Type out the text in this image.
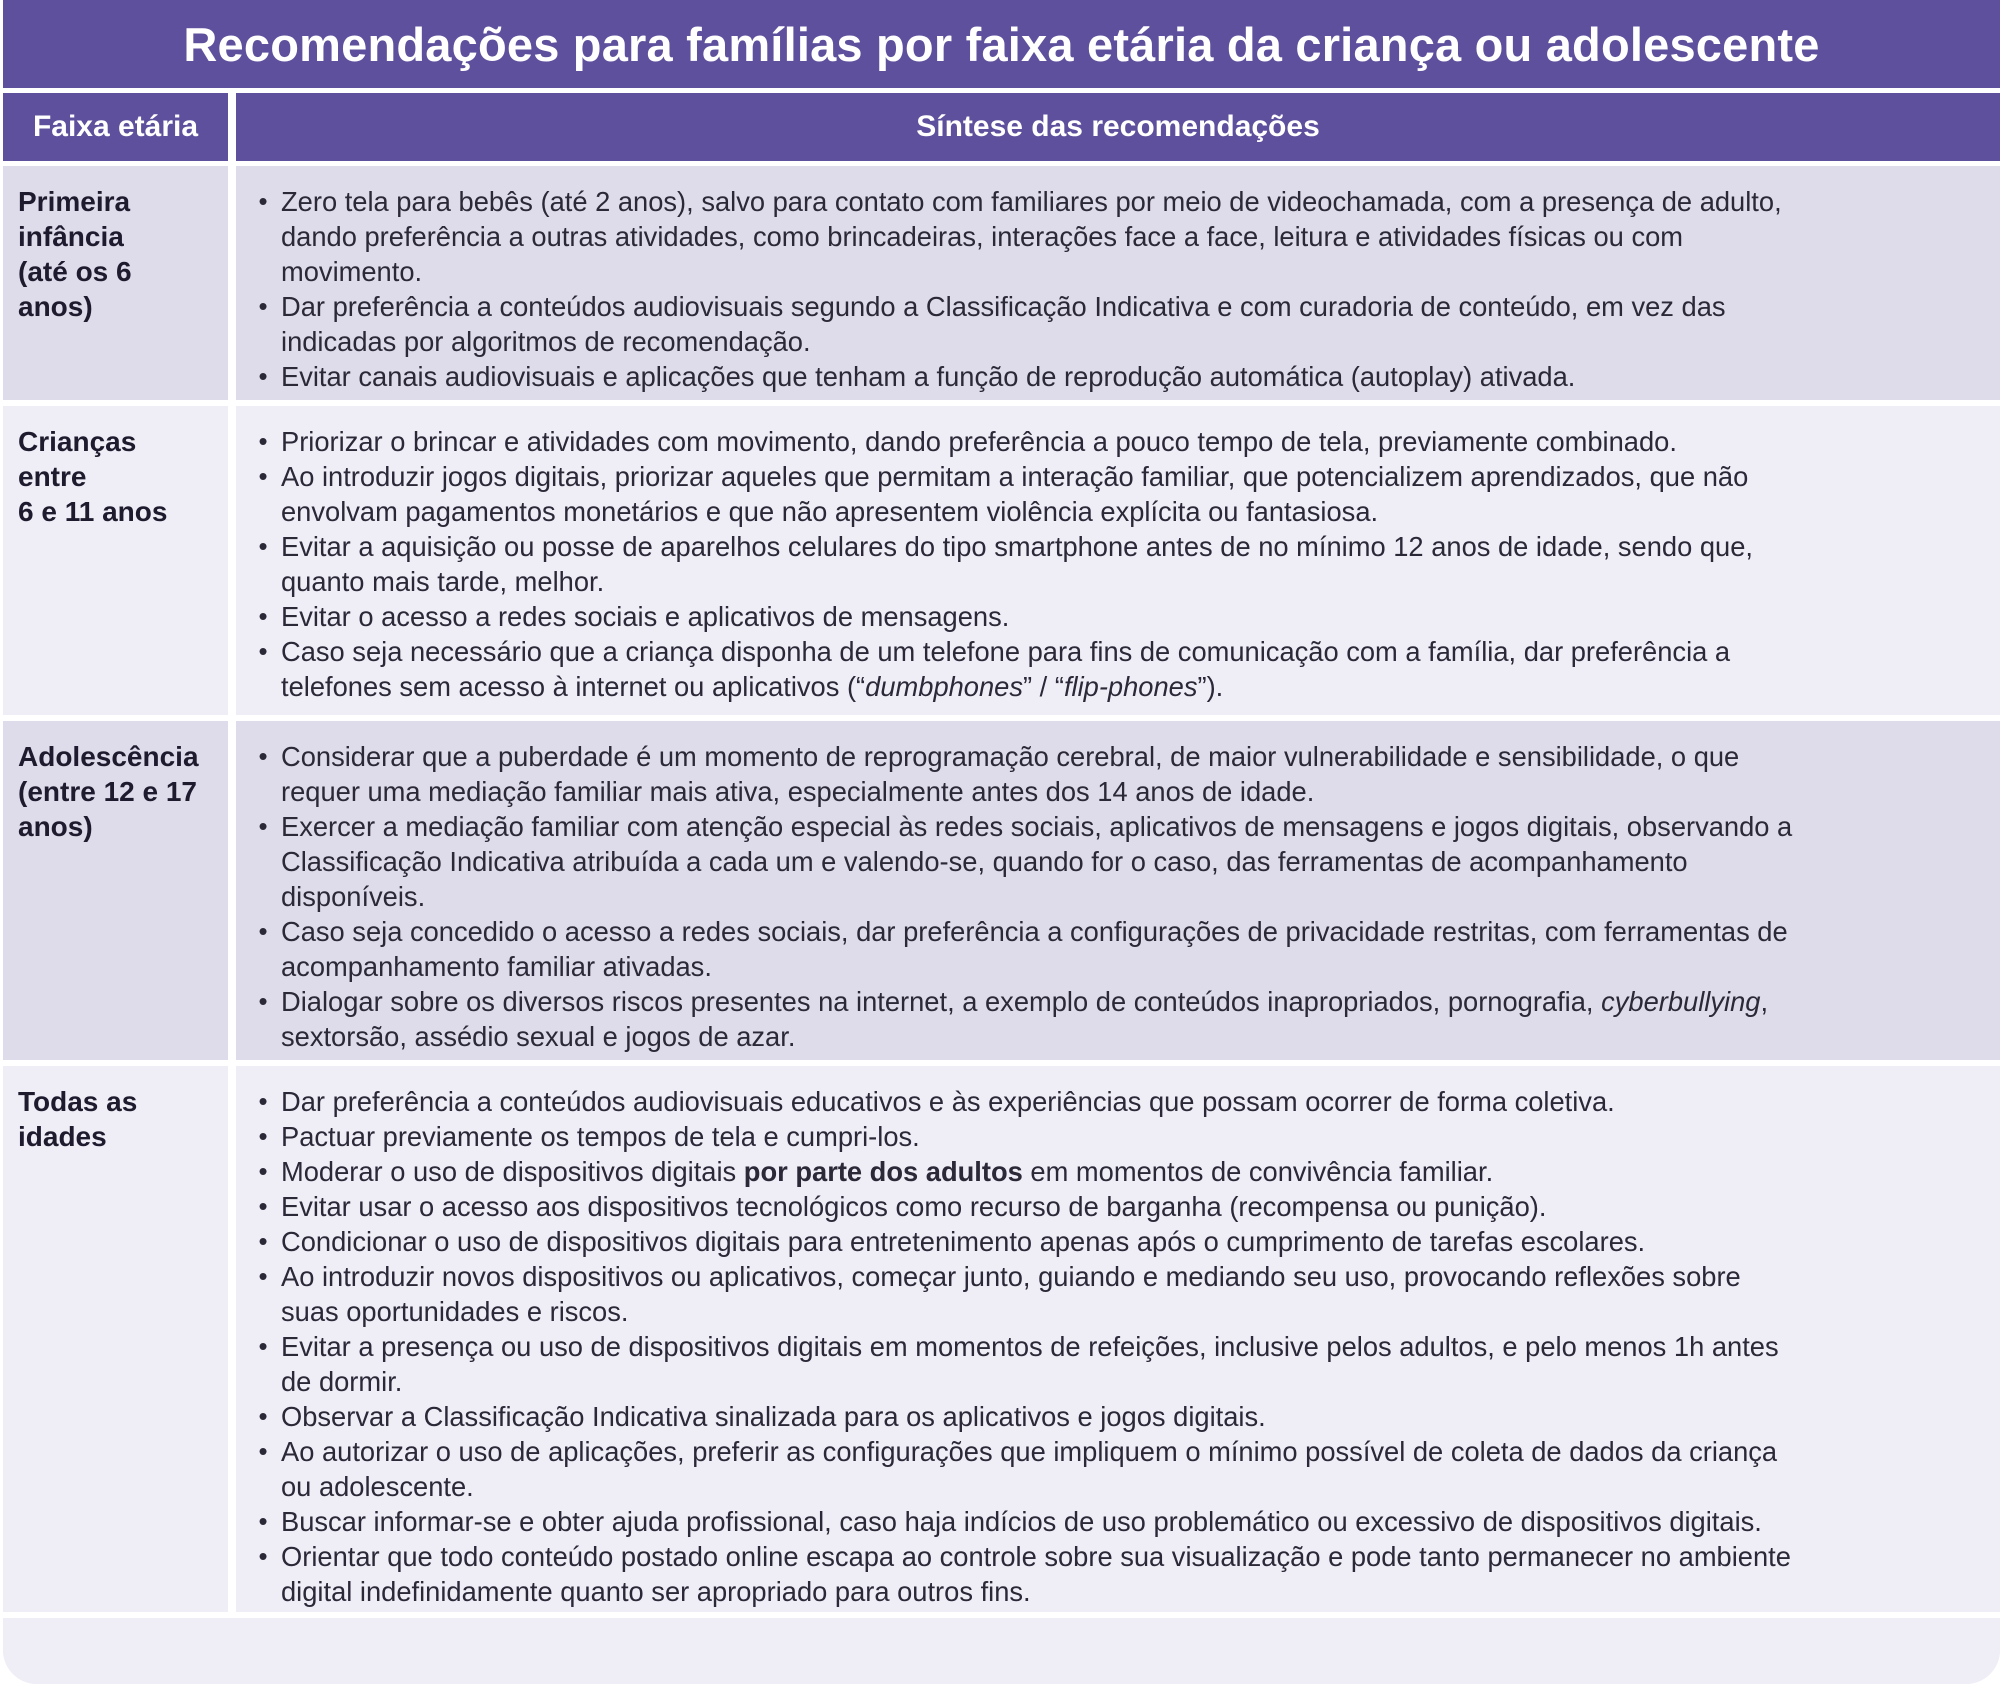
Recomendações para famílias por faixa etária da criança ou adolescente
Faixa etária	Síntese das recomendações
Primeira
infância
(até os 6
anos)
• Zero tela para bebês (até 2 anos), salvo para contato com familiares por meio de videochamada, com a presença de adulto,
dando preferência a outras atividades, como brincadeiras, interações face a face, leitura e atividades físicas ou com
movimento.
• Dar preferência a conteúdos audiovisuais segundo a Classificação Indicativa e com curadoria de conteúdo, em vez das
indicadas por algoritmos de recomendação.
• Evitar canais audiovisuais e aplicações que tenham a função de reprodução automática (autoplay) ativada.
Crianças
entre
6 e 11 anos
• Priorizar o brincar e atividades com movimento, dando preferência a pouco tempo de tela, previamente combinado.
• Ao introduzir jogos digitais, priorizar aqueles que permitam a interação familiar, que potencializem aprendizados, que não
envolvam pagamentos monetários e que não apresentem violência explícita ou fantasiosa.
• Evitar a aquisição ou posse de aparelhos celulares do tipo smartphone antes de no mínimo 12 anos de idade, sendo que,
quanto mais tarde, melhor.
• Evitar o acesso a redes sociais e aplicativos de mensagens.
• Caso seja necessário que a criança disponha de um telefone para fins de comunicação com a família, dar preferência a
telefones sem acesso à internet ou aplicativos (“dumbphones” / “flip-phones”).
Adolescência
(entre 12 e 17
anos)
• Considerar que a puberdade é um momento de reprogramação cerebral, de maior vulnerabilidade e sensibilidade, o que
requer uma mediação familiar mais ativa, especialmente antes dos 14 anos de idade.
• Exercer a mediação familiar com atenção especial às redes sociais, aplicativos de mensagens e jogos digitais, observando a
Classificação Indicativa atribuída a cada um e valendo-se, quando for o caso, das ferramentas de acompanhamento
disponíveis.
• Caso seja concedido o acesso a redes sociais, dar preferência a configurações de privacidade restritas, com ferramentas de
acompanhamento familiar ativadas.
• Dialogar sobre os diversos riscos presentes na internet, a exemplo de conteúdos inapropriados, pornografia, cyberbullying,
sextorsão, assédio sexual e jogos de azar.
Todas as
idades
• Dar preferência a conteúdos audiovisuais educativos e às experiências que possam ocorrer de forma coletiva.
• Pactuar previamente os tempos de tela e cumpri-los.
• Moderar o uso de dispositivos digitais por parte dos adultos em momentos de convivência familiar.
• Evitar usar o acesso aos dispositivos tecnológicos como recurso de barganha (recompensa ou punição).
• Condicionar o uso de dispositivos digitais para entretenimento apenas após o cumprimento de tarefas escolares.
• Ao introduzir novos dispositivos ou aplicativos, começar junto, guiando e mediando seu uso, provocando reflexões sobre
suas oportunidades e riscos.
• Evitar a presença ou uso de dispositivos digitais em momentos de refeições, inclusive pelos adultos, e pelo menos 1h antes
de dormir.
• Observar a Classificação Indicativa sinalizada para os aplicativos e jogos digitais.
• Ao autorizar o uso de aplicações, preferir as configurações que impliquem o mínimo possível de coleta de dados da criança
ou adolescente.
• Buscar informar-se e obter ajuda profissional, caso haja indícios de uso problemático ou excessivo de dispositivos digitais.
• Orientar que todo conteúdo postado online escapa ao controle sobre sua visualização e pode tanto permanecer no ambiente
digital indefinidamente quanto ser apropriado para outros fins.
